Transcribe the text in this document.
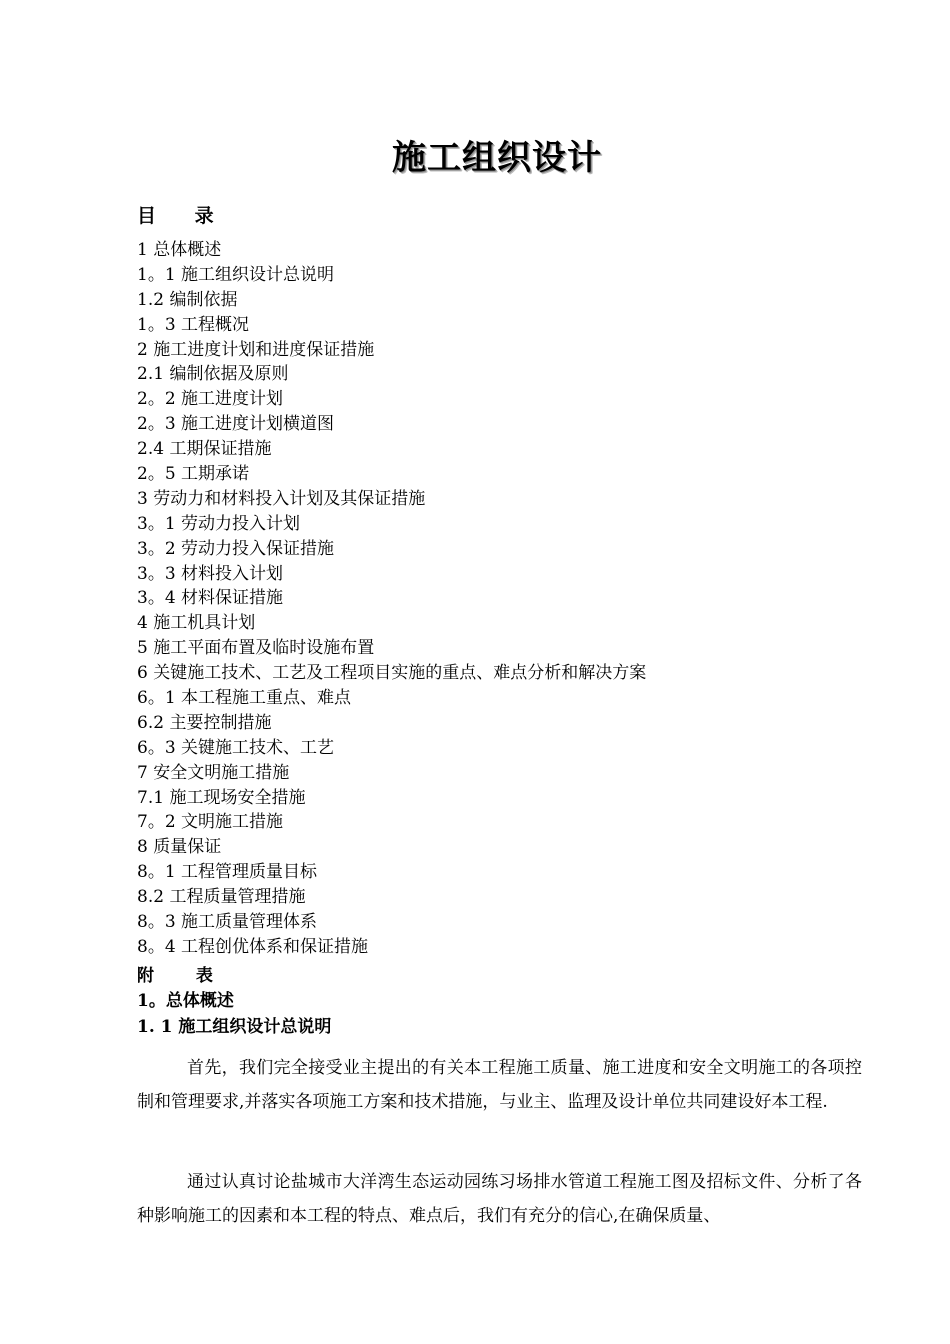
施工组织设计
目 录
1 总体概述
1。1 施工组织设计总说明
1.2 编制依据
1。3 工程概况
2 施工进度计划和进度保证措施
2.1 编制依据及原则
2。2 施工进度计划
2。3 施工进度计划横道图
2.4 工期保证措施
2。5 工期承诺
3 劳动力和材料投入计划及其保证措施
3。1 劳动力投入计划
3。2 劳动力投入保证措施
3。3 材料投入计划
3。4 材料保证措施
4 施工机具计划
5 施工平面布置及临时设施布置
6 关键施工技术、工艺及工程项目实施的重点、难点分析和解决方案
6。1 本工程施工重点、难点
6.2 主要控制措施
6。3 关键施工技术、工艺
7 安全文明施工措施
7.1 施工现场安全措施
7。2 文明施工措施
8 质量保证
8。1 工程管理质量目标
8.2 工程质量管理措施
8。3 施工质量管理体系
8。4 工程创优体系和保证措施
附 表
1。总体概述
1. 1 施工组织设计总说明

首先，我们完全接受业主提出的有关本工程施工质量、施工进度和安全文明施工的各项控制和管理要求,并落实各项施工方案和技术措施，与业主、监理及设计单位共同建设好本工程.

通过认真讨论盐城市大洋湾生态运动园练习场排水管道工程施工图及招标文件、分析了各种影响施工的因素和本工程的特点、难点后，我们有充分的信心,在确保质量、
